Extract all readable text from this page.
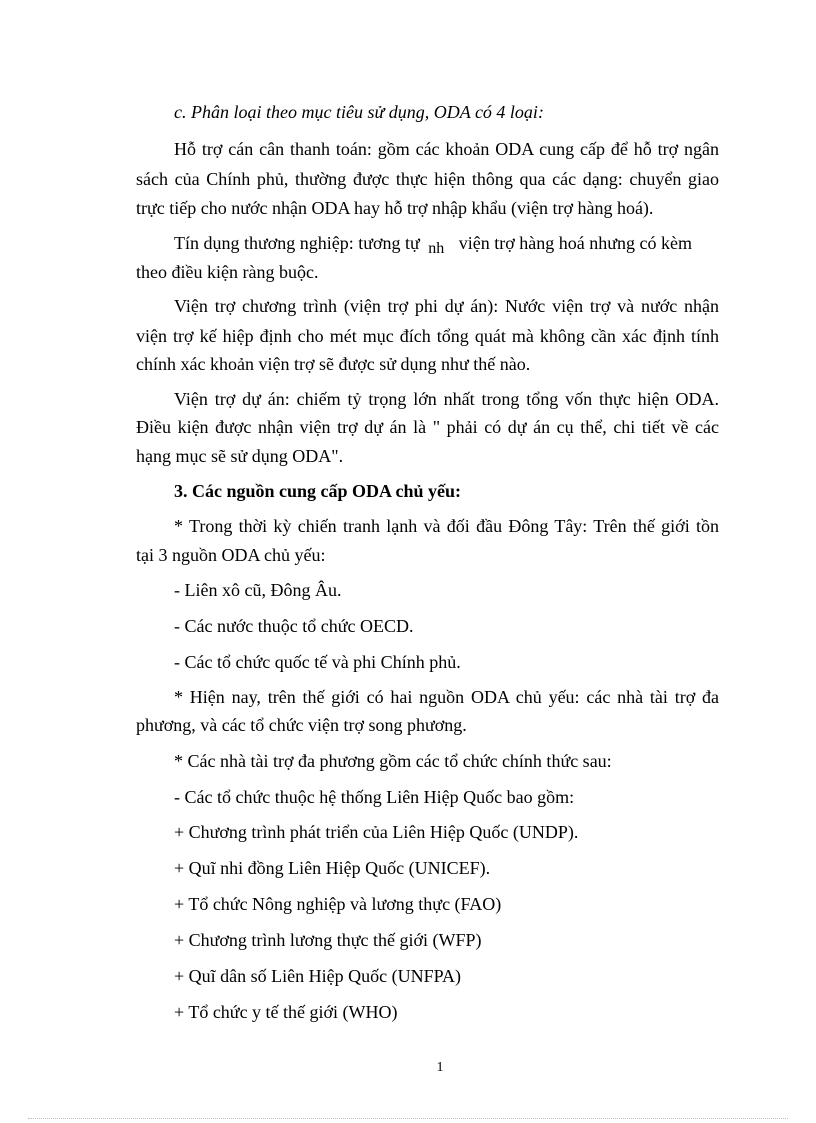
c. Phân loại theo mục tiêu sử dụng, ODA có 4 loại:
Hỗ trợ cán cân thanh toán: gồm các khoản ODA cung cấp để hỗ trợ ngân
sách của Chính phủ, thường được thực hiện thông qua các dạng: chuyển giao
trực tiếp cho nước nhận ODA hay hỗ trợ nhập khẩu (viện trợ hàng hoá).
Tín dụng thương nghiệp: tương tự nh viện trợ hàng hoá nhưng có kèm
theo điều kiện ràng buộc.
Viện trợ chương trình (viện trợ phi dự án): Nước viện trợ và nước nhận
viện trợ kế hiệp định cho mét mục đích tổng quát mà không cần xác định tính
chính xác khoản viện trợ sẽ được sử dụng như thế nào.
Viện trợ dự án: chiếm tỷ trọng lớn nhất trong tổng vốn thực hiện ODA.
Điều kiện được nhận viện trợ dự án là " phải có dự án cụ thể, chi tiết về các
hạng mục sẽ sử dụng ODA".
3. Các nguồn cung cấp ODA chủ yếu:
* Trong thời kỳ chiến tranh lạnh và đối đầu Đông Tây: Trên thế giới tồn
tại 3 nguồn ODA chủ yếu:
- Liên xô cũ, Đông Âu.
- Các nước thuộc tổ chức OECD.
- Các tổ chức quốc tế và phi Chính phủ.
* Hiện nay, trên thế giới có hai nguồn ODA chủ yếu: các nhà tài trợ đa
phương, và các tổ chức viện trợ song phương.
* Các nhà tài trợ đa phương gồm các tổ chức chính thức sau:
- Các tổ chức thuộc hệ thống Liên Hiệp Quốc bao gồm:
+ Chương trình phát triển của Liên Hiệp Quốc (UNDP).
+ Quĩ nhi đồng Liên Hiệp Quốc (UNICEF).
+ Tổ chức Nông nghiệp và lương thực (FAO)
+ Chương trình lương thực thế giới (WFP)
+ Quĩ dân số Liên Hiệp Quốc (UNFPA)
+ Tổ chức y tế thế giới (WHO)
1
